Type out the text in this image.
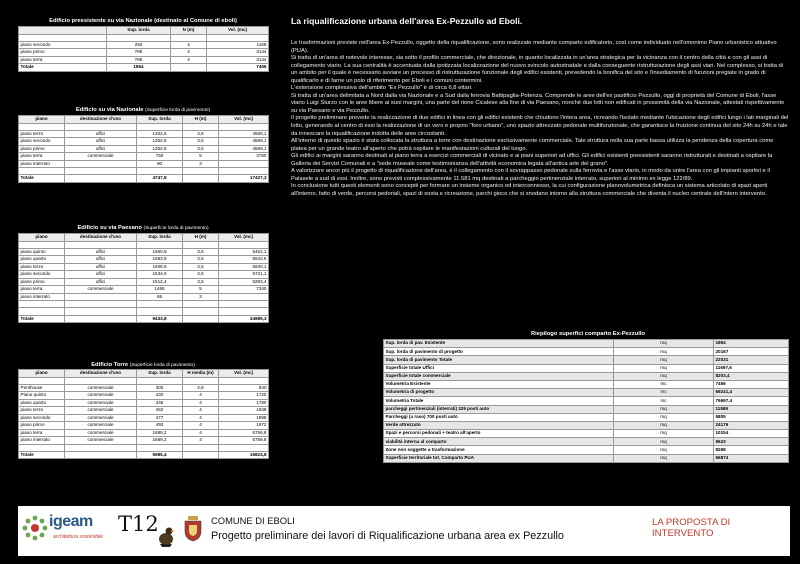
Edificio preesistente su via Nazionale (destinato al Comune di eboli)
	Sup. lorda	N (m)	Vol. (mc)

piano secondo	292	4	1168
piano primo	786	4	3144
piano terra	786	4	3144
Totale	1864		7456
Edificio su via Nazionale (Superficie lorda di pavimento)
piano	destinazione d'uso	Sup. lorda	H (m)	Vol. (mc)

piano terzo	uffici	1302,6	3,5	4559,1
piano secondo	uffici	1302,6	3,5	4559,1
piano primo	uffici	1302,6	3,5	4559,1
piano terra	commerciale	750	5	3750
piano interrato		90	3	

Totale		4747,8		17427,3
Edificio su via Paesano (Superficie lorda di pavimento)
piano	destinazione d'uso	Sup. lorda	H (m)	Vol. (mc)

piano quinto	uffici	1560,9	3,5	5462,1
piano quarto	uffici	1583,9	3,5	5542,6
piano terzo	uffici	1608,6	3,5	5630,1
piano secondo	uffici	1634,6	3,5	5721,1
piano primo	uffici	1512,4	3,5	5293,4
piano terra	commerciale	1468	5	7340
piano interrato		65	3	

Totale		9433,8		34989,3
Edificio Torre (Superficie lorda di pavimento)
piano	destinazione d'uso	Sup. lorda	H media (m)	Vol. (mc)

Penthouse	commerciale	300	2,8	840
Piano quinto	commerciale	430	4	1720
piano quarto	commerciale	445	4	1780
piano terzo	commerciale	462	4	1848
piano secondo	commerciale	477	4	1988
piano primo	commerciale	493	4	1972
piano terra	commerciale	1689,2	4	6756,8
piano interrato	commerciale	1689,2	4	6756,8

Totale		5985,4		16824,8
La riqualificazione urbana dell'area Ex-Pezzullo ad Eboli.

Le trasformazioni previste nell'area Ex-Pezzullo, oggetto della riqualificazione, sono realizzate mediante comparto edificatorio, così come individuato nell'omonimo Piano urbanistico attuativo (PUA).

Si tratta di un'area di notevole interesse, sia sotto il profilo commerciale, che direzionale, in quanto localizzata in un'area strategica per la vicinanza con il centro della città e con gli assi di collegamento viario. La sua centralità è accentuata dalla ipotizzata localizzazione del nuovo svincolo autostradale e dalla conseguente ristrutturazione degli assi viari. Nel complesso, si tratta di un ambito per il quale è necessario avviare un processo di ristrutturazione funzionale degli edifici esistenti, prevedendo la bonifica del sito e l'insediamento di funzioni pregiate in grado di qualificarlo e di farne un polo di riferimento per Eboli e i comuni contermini.

L'estensione complessiva dell'ambito "Ex Pezzullo" è di circa 6,8 ettari.

Si tratta di un'area delimitata a Nord dalla via Nazionale e a Sud dalla ferrovia Battipaglia-Potenza. Comprende le aree dell'ex pastificio Pezzullo, oggi di proprietà del Comune di Eboli, l'asse viario Luigi Sturzo con le aree libere ai suoi margini, una parte del rione Cicalese alla fine di via Paesano, nonché due lotti non edificati in prossimità della via Nazionale, attestati rispettivamente su via Paesano e via Pezzullo.

Il progetto preliminare prevede la realizzazione di due edifici in linea con gli edifici esistenti che chiudono l'intera area, ricreando l'isolato mediante l'ubicazione degli edifici lungo i lati marginali del lotto, generando al centro di essi la realizzazione di un vero e proprio "foro urbano", uno spazio attrezzato pedonale multifunzionale, che garantisce la fruizione continua del sito 24h su 24h e tale da innescare la riqualificazione indotta delle aree circostanti.

All'interno di questo spazio è stata collocata la struttura a torre con destinazione esclusivamente commerciale. Tale struttura nella sua parte bassa utilizza la pendenza della copertura come platea per un grande teatro all'aperto che potrà ospitare le manifestazioni culturali del luogo.

Gli edifici ai margini saranno destinati al piano terra a esercizi commerciali di vicinato e ai piani superiori ad uffici. Gli edifici esistenti preesistenti saranno ristrutturati e destinati a ospitare la Galleria dei Servizi Comunali e a "sede museale come testimonianza dell'attività economica legata all'antica arte del grano".

A valorizzare ancor più il progetto di riqualificazione dell'area, è il collegamento con il sovrappasso pedonale sulla ferrovia e l'asse viario, in modo da unire l'area con gli impianti sportivi e il Palasele a sud di essi. Inoltre, sono previsti complessivamente 11.581 mq destinati a parcheggio pertinenziale interrato, superiori al minimo ex legge 122/89.

In conclusione tutti questi elementi sono concepiti per formare un insieme organico ed interconnesso, la cui configurazione planovolumetrica definisca un sistema articolato di spazi aperti all'interno, fatto di verde, percorsi pedonali, spazi di sosta e ricreazione, parchi gioco che si snodano intorno alla struttura commerciale che diventa il nucleo centrale dell'intero intervento.

Riepilogo superfici comparto Ex-Pezzullo
Sup. lorda di pav. Esistente	mq	1864
Sup. lorda di pavimento di progetto	mq	20167
Sup. lorda di pavimento Totale	mq	22031
Superficie totale Uffici	mq	11697,6
Superficie totale commerciale	mq	8203,4
Volumetria Esistente	mc	7456
Volumetria di progetto	mc	69241,4
Volumetria Totale	mc	76697,4
parcheggi pertinenziali (interrati) 329 posti auto	mq	11589
Parcheggi (a raso) 700 posti auto	mq	5805
Verde attrezzato	mq	24176
Spazi e percorsi pedonali + teatro all'aperto	mq	10154
viabilità interna al comparto	mq	9623
Zone non soggette a trasformazione	mq	8268
Superficie territoriale tot. Comparto PUA	mq	66874
igeam
architettura sostenibile
T12	COMUNE DI EBOLI
Progetto preliminare dei lavori di Riqualificazione urbana area ex Pezzullo
LA PROPOSTA DI INTERVENTO
